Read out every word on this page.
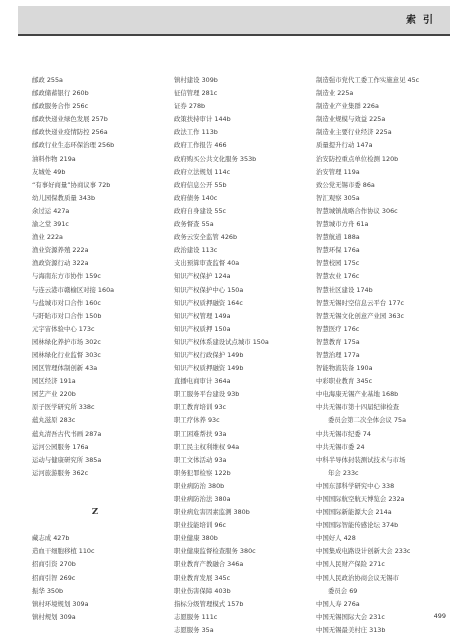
索引
邮政 255a
邮政储蓄银行 260b
邮政服务合作 256c
邮政快递业绿色发展 257b
邮政快递业疫情防控 256a
邮政行业生态环保治理 256b
油料作物 219a
友城处 49b
“有事好商量”协商议事 72b
幼儿园保教质量 343b
余过运 427a
渝之堂 391c
渔业 222a
渔业资源养殖 222a
渔政资源行动 322a
与海南东方市协作 159c
与连云港市赣榆区对接 160a
与盐城市对口合作 160c
与盱眙市对口合作 150b
元宇宙体验中心 173c
园林绿化养护市场 302c
园林绿化行业监督 303c
园区管理体制创新 43a
园区经济 191a
园艺产业 220b
原子医学研究所 338c
蕴丸滋原 283c
蕴丸清吾古代书画 287a
运河公园服务 176a
运动与健康研究所 385a
运河旅游服务 362c
Z
藏志成 427b
造血干细胞移植 110c
招商引资 270b
招商引智 269c
振华 350b
镇村环境规划 309a
镇村规划 309a
镇村建设 309b
征信管理 281c
证券 278b
政策扶持审计 144b
政法工作 113b
政府工作报告 466
政府购买公共文化服务 353b
政府立法规划 114c
政府信息公开 55b
政府债务 140c
政府自身建设 55c
政务督查 55a
政务云安全监管 426b
政治建设 113c
支出预算审查监督 40a
知识产权保护 124a
知识产权保护中心 150a
知识产权质押融资 164c
知识产权管理 149a
知识产权质押 150a
知识产权体系建设试点城市 150a
知识产权行政保护 149b
知识产权质押融资 149b
直播电商审计 364a
职工服务平台建设 93b
职工教育培训 93c
职工疗休养 93c
职工困难帮扶 93a
职工民主权利维权 94a
职工文体活动 93a
职务犯罪检察 122b
职业病防治 380b
职业病防治法 380a
职业病危害因素监测 380b
职业技能培训 96c
职业健康 380b
职业健康监督检查服务 380c
职业教育产教融合 346a
职业教育发展 345c
职业伤害保障 403b
指标分级管理模式 157b
志愿服务 111c
志愿服务 35a
制造强市党代工委工作实施意见 45c
制造业 225a
制造业产业集群 226a
制造业规模与效益 225a
制造业主要行业经济 225a
质量提升行动 147a
治安防控重点单位检测 120b
治安管理 119a
致公党无锡市委 86a
智汇观察 305a
智慧城镇战略合作协议 306c
智慧城市方舟 61a
智慧航道 188a
智慧环保 176a
智慧校园 175c
智慧农业 176c
智慧社区建设 174b
智慧无锡时空信息云平台 177c
智慧无锡文化创意产业园 363c
智慧医疗 176c
智慧教育 175a
智慧治理 177a
智能物流装备 190a
中彩职业教育 345c
中电海康无锡产业基地 168b
中共无锡市第十四届纪律检查
委员会第二次全体会议 75a
中共无锡市纪委 74
中共无锡市委 24
中科半导体封装测试技术与市场
年会 233c
中国东部科学研究中心 338
中国国际航空航天博览会 232a
中国国际新能源大会 214a
中国国际智能传感论坛 374b
中国好人 428
中国集成电路设计创新大会 233c
中国人民财产保险 271c
中国人民政治协商会议无锡市
委员会 69
中国人寿 276a
中国无锡国际大会 231c
中国无锡最美村庄 313b
499
